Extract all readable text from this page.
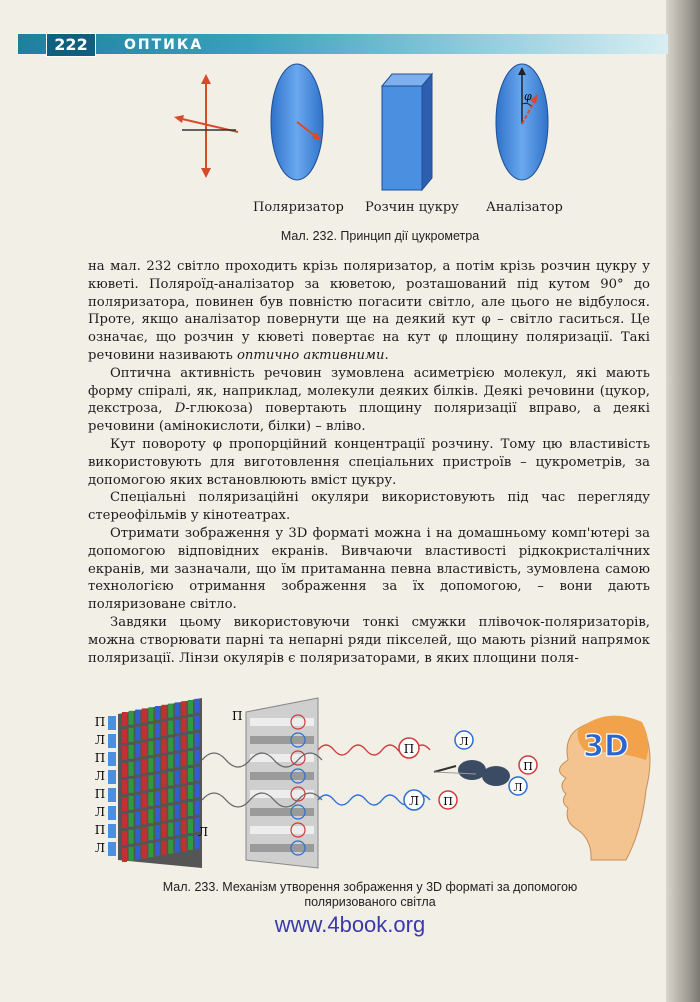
222	ОПТИКА
φ
Поляризатор Розчин цукру Аналізатор
Мал. 232. Принцип дії цукрометра

на мал. 232 світло проходить крізь поляризатор, а потім крізь розчин цукру у кюветі. Поляроїд-аналізатор за кюветою, розташований під кутом 90° до поляризатора, повинен був повністю погасити світло, але цього не відбулося. Проте, якщо аналізатор повернути ще на деякий кут φ – світло гаситься. Це означає, що розчин у кюветі повертає на кут φ площину поляризації. Такі речовини називають оптично активними.

Оптична активність речовин зумовлена асиметрією молекул, які мають форму спіралі, як, наприклад, молекули деяких білків. Деякі речовини (цукор, декстроза, D-глюкоза) повертають площину поляризації вправо, а деякі речовини (амінокислоти, білки) – вліво.

Кут повороту φ пропорційний концентрації розчину. Тому цю властивість використовують для виготовлення спеціальних пристроїв – цукрометрів, за допомогою яких встановлюють вміст цукру.

Спеціальні поляризаційні окуляри використовують під час перегляду стереофільмів у кінотеатрах.

Отримати зображення у 3D форматі можна і на домашньому комп'ютері за допомогою відповідних екранів. Вивчаючи властивості рідкокристалічних екранів, ми зазначали, що їм притаманна певна властивість, зумовлена самою технологією отримання зображення за їх допомогою, – вони дають поляризоване світло.

Завдяки цьому використовуючи тонкі смужки плівочок-поляризаторів, можна створювати парні та непарні ряди пікселей, що мають різний напрямок поляризації. Лінзи окулярів є поляризаторами, в яких площини поля-

П
Л
П
Л
П
Л
П
Л
П
Л
Л
П
П
Л
П
Л
3D
Мал. 233. Механізм утворення зображення у 3D форматі за допомогою
поляризованого світла
www.4book.org
